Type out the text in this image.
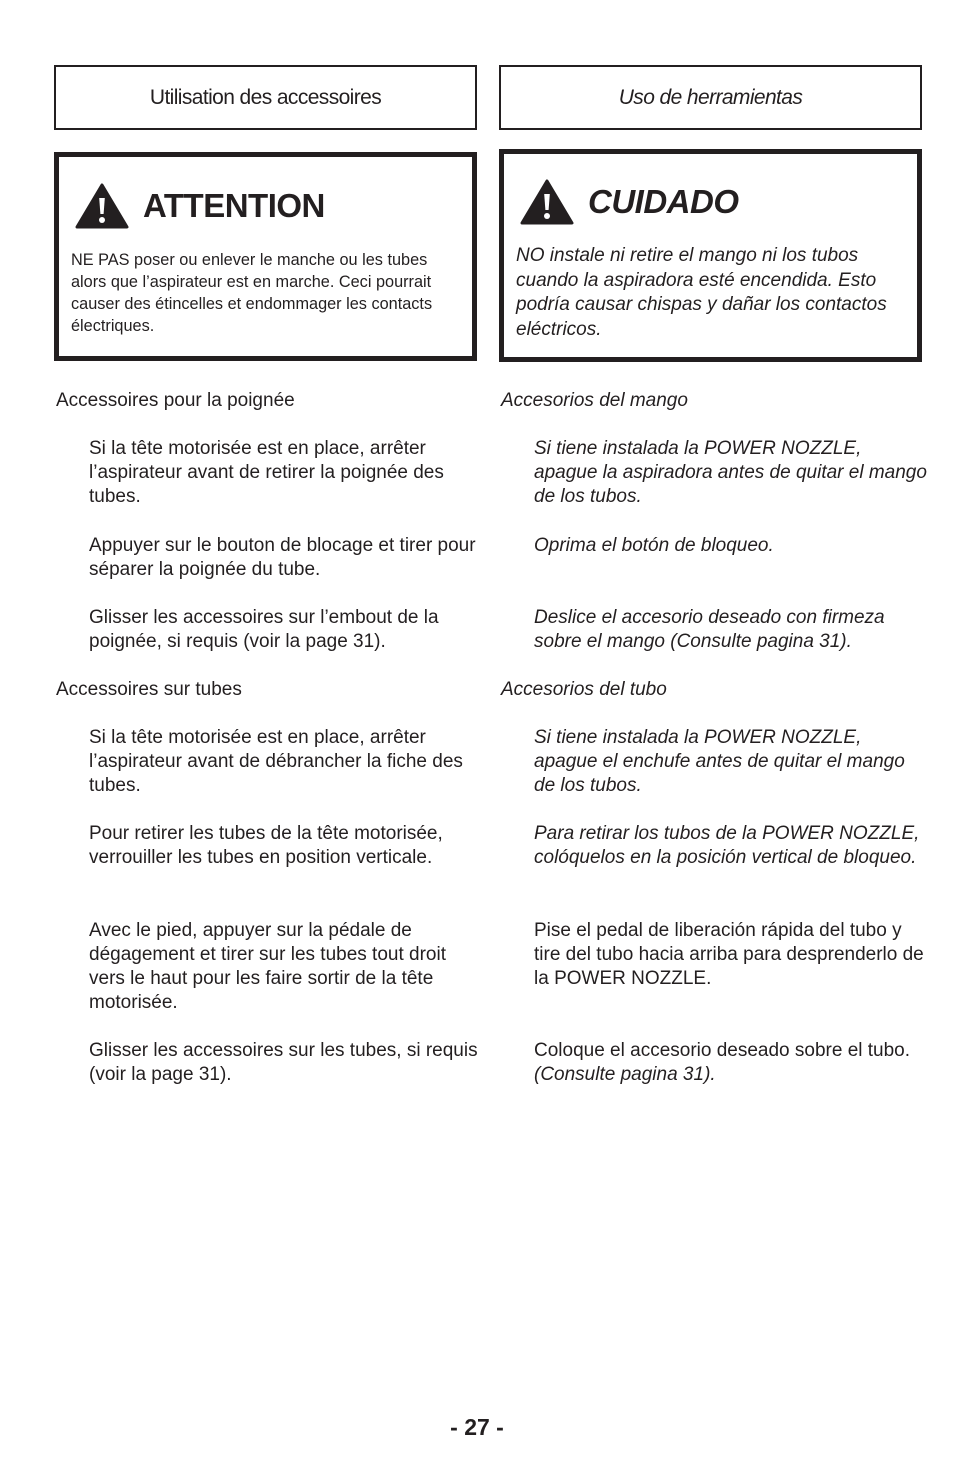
Utilisation des accessoires
ATTENTION
NE PAS poser ou enlever le manche ou les tubes alors que l’aspirateur est en marche. Ceci pourrait causer des étincelles et endommager les contacts électriques.
Accessoires pour la poignée
Si la tête motorisée est en place, arrêter l’aspirateur avant de retirer la poignée des tubes.
Appuyer sur le bouton de blocage et tirer pour séparer la poignée du tube.
Glisser les accessoires sur l’embout de la poignée, si requis (voir la page 31).
Accessoires sur tubes
Si la tête motorisée est en place, arrêter l’aspirateur avant de débrancher la fiche des tubes.
Pour retirer les tubes de la tête motorisée, verrouiller les tubes en position verticale.
Avec le pied, appuyer sur la pédale de dégagement et tirer sur les tubes tout droit vers le haut pour les faire sortir de la tête motorisée.
Glisser les accessoires sur les tubes, si requis (voir la page 31).
Uso de herramientas
CUIDADO
NO instale ni retire el mango ni los tubos cuando la aspiradora esté encendida. Esto podría causar chispas y dañar los contactos eléctricos.
Accesorios del mango
Si tiene instalada la POWER NOZZLE, apague la aspiradora antes de quitar el mango de los tubos.
Oprima el botón de bloqueo.
Deslice el accesorio deseado con firmeza sobre el mango (Consulte pagina 31).
Accesorios del tubo
Si tiene instalada la POWER NOZZLE, apague el enchufe antes de quitar el mango de los tubos.
Para retirar los tubos de la POWER NOZZLE, colóquelos en la posición vertical de bloqueo.
Pise el pedal de liberación rápida del tubo y tire del tubo hacia arriba para desprenderlo de la POWER NOZZLE.
Coloque el accesorio deseado sobre el tubo. (Consulte pagina 31).
- 27 -
